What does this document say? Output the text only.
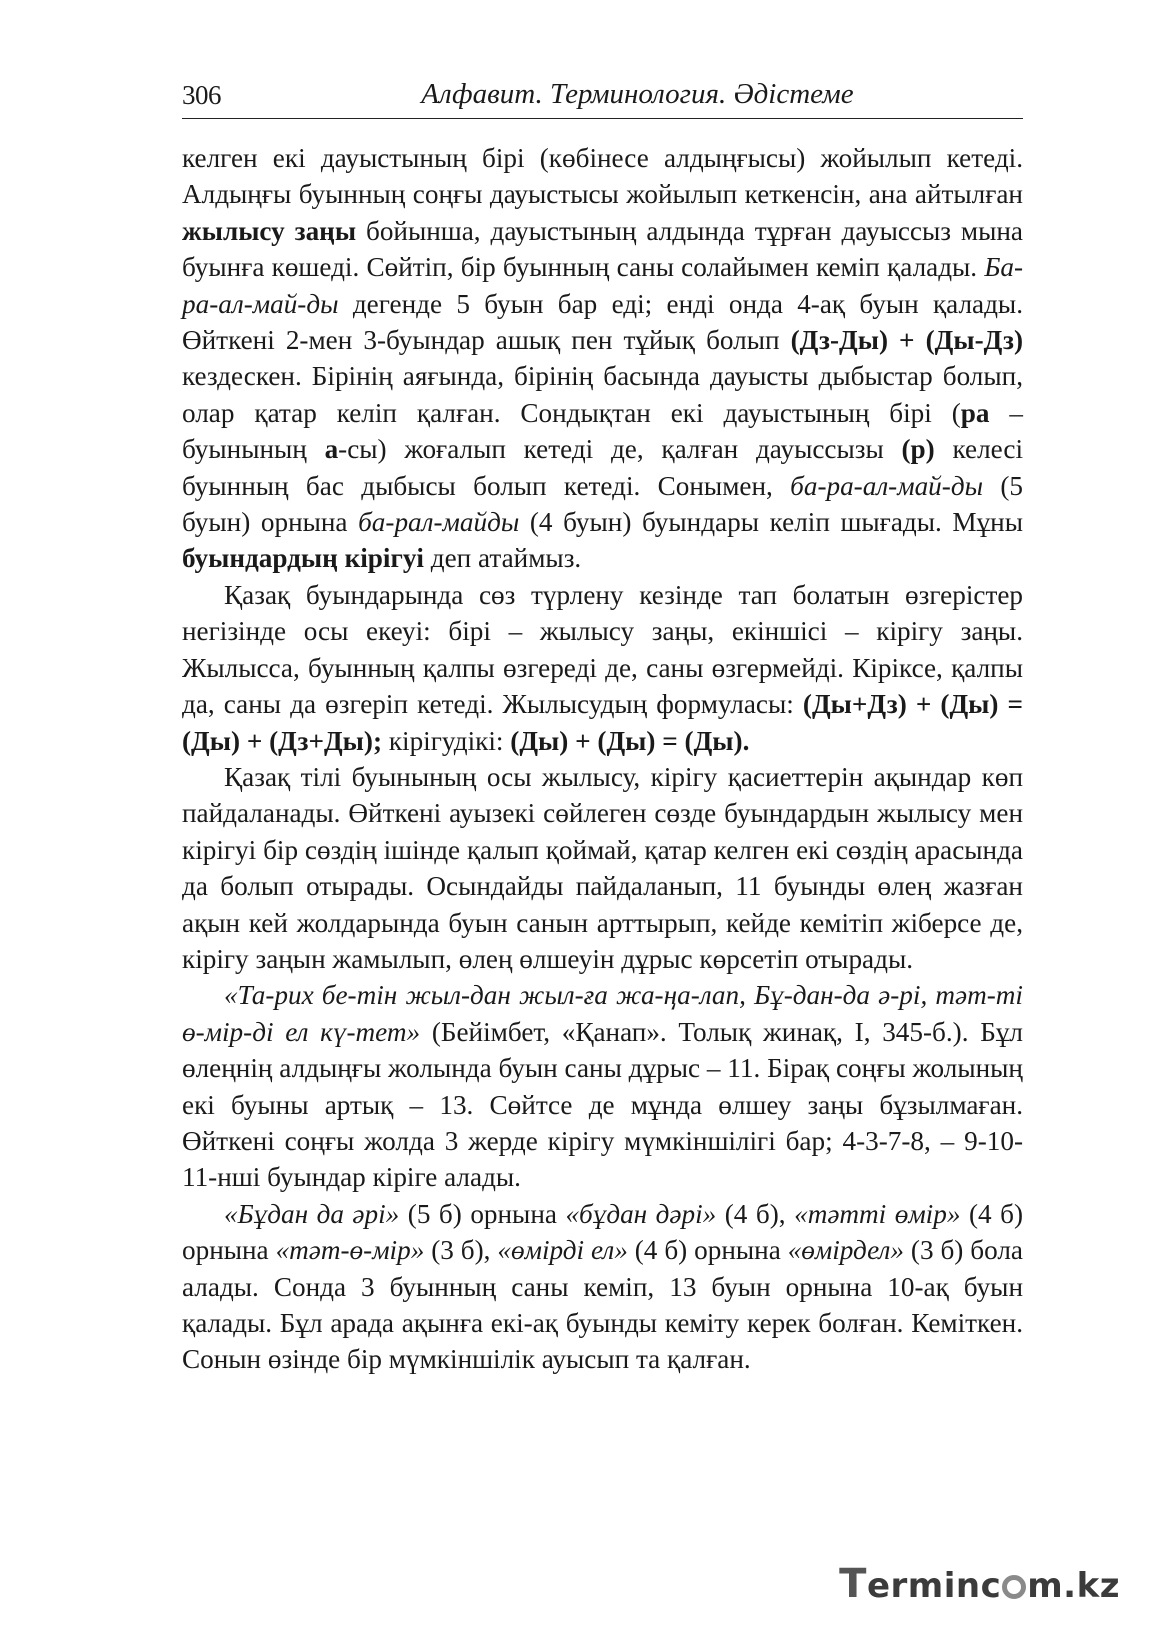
306	Алфавит. Терминология. Әдістеме

келген екі дауыстының бірі (көбінесе алдыңғысы) жойылып кетеді. Алдыңғы буынның соңғы дауыстысы жойылып кеткенсін, ана айтылған жылысу заңы бойынша, дауыстының алдында тұрған дауыссыз мына буынға көшеді. Сөйтіп, бір буынның саны солайымен кеміп қалады. Ба-ра-ал-май-ды дегенде 5 буын бар еді; енді онда 4-ақ буын қалады. Өйткені 2-мен 3-буындар ашық пен тұйық болып (Дз-Ды) + (Ды-Дз) кездескен. Бірінің аяғында, бірінің басында дауысты дыбыстар болып, олар қатар келіп қалған. Сондықтан екі дауыстының бірі (ра – буынының а-сы) жоғалып кетеді де, қалған дауыссызы (р) келесі буынның бас дыбысы болып кетеді. Сонымен, ба-ра-ал-май-ды (5 буын) орнына ба-рал-майды (4 буын) буындары келіп шығады. Мұны буындардың кірігуі деп атаймыз.

Қазақ буындарында сөз түрлену кезінде тап болатын өзгерістер негізінде осы екеуі: бірі – жылысу заңы, екіншісі – кірігу заңы. Жылысса, буынның қалпы өзгереді де, саны өзгермейді. Кіріксе, қалпы да, саны да өзгеріп кетеді. Жылысудың формуласы: (Ды+Дз) + (Ды) = (Ды) + (Дз+Ды); кірігудікі: (Ды) + (Ды) = (Ды).

Қазақ тілі буынының осы жылысу, кірігу қасиеттерін ақындар көп пайдаланады. Өйткені ауызекі сөйлеген сөзде буындардын жылысу мен кірігуі бір сөздің ішінде қалып қоймай, қатар келген екі сөздің арасында да болып отырады. Осындайды пайдаланып, 11 буынды өлең жазған ақын кей жолдарында буын санын арттырып, кейде кемітіп жіберсе де, кірігу заңын жамылып, өлең өлшеуін дұрыс көрсетіп отырады.

«Та-рих бе-тін жыл-дан жыл-ға жа-ңа-лап, Бұ-дан-да ә-рі, тәт-ті ө-мір-ді ел кү-тет» (Бейімбет, «Қанап». Толық жинақ, I, 345-б.). Бұл өлеңнің алдыңғы жолында буын саны дұрыс – 11. Бірақ соңғы жолының екі буыны артық – 13. Сөйтсе де мұнда өлшеу заңы бұзылмаған. Өйткені соңғы жолда 3 жерде кірігу мүмкіншілігі бар; 4-3-7-8, – 9-10-11-нші буындар кіріге алады.

«Бұдан да әрі» (5 б) орнына «бұдан дәрі» (4 б), «тәтті өмір» (4 б) орнына «тәт-ө-мір» (3 б), «өмірді ел» (4 б) орнына «өмірдел» (3 б) бола алады. Сонда 3 буынның саны кеміп, 13 буын орнына 10-ақ буын қалады. Бұл арада ақынға екі-ақ буынды кеміту керек болған. Кеміткен. Сонын өзінде бір мүмкіншілік ауысып та қалған.

T erminc m.kz
